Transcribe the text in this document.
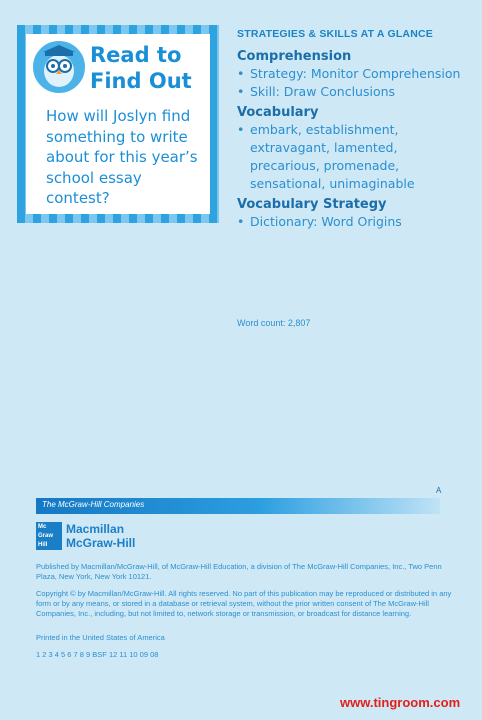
Read to
Find Out
How will Joslyn find something to write about for this year’s school essay contest?
STRATEGIES & SKILLS AT A GLANCE
Comprehension
• Strategy: Monitor Comprehension
• Skill: Draw Conclusions
Vocabulary
• embark, establishment, extravagant, lamented, precarious, promenade, sensational, unimaginable
Vocabulary Strategy
• Dictionary: Word Origins
Word count: 2,807
A
The McGraw-Hill Companies
Mc
Graw
Hill
Macmillan
McGraw-Hill
Published by Macmillan/McGraw-Hill, of McGraw-Hill Education, a division of The McGraw-Hill Companies, Inc., Two Penn Plaza, New York, New York 10121.
Copyright © by Macmillan/McGraw-Hill. All rights reserved. No part of this publication may be reproduced or distributed in any form or by any means, or stored in a database or retrieval system, without the prior written consent of The McGraw-Hill Companies, Inc., including, but not limited to, network storage or transmission, or broadcast for distance learning.
Printed in the United States of America
1 2 3 4 5 6 7 8 9 BSF 12 11 10 09 08
www.tingroom.com
